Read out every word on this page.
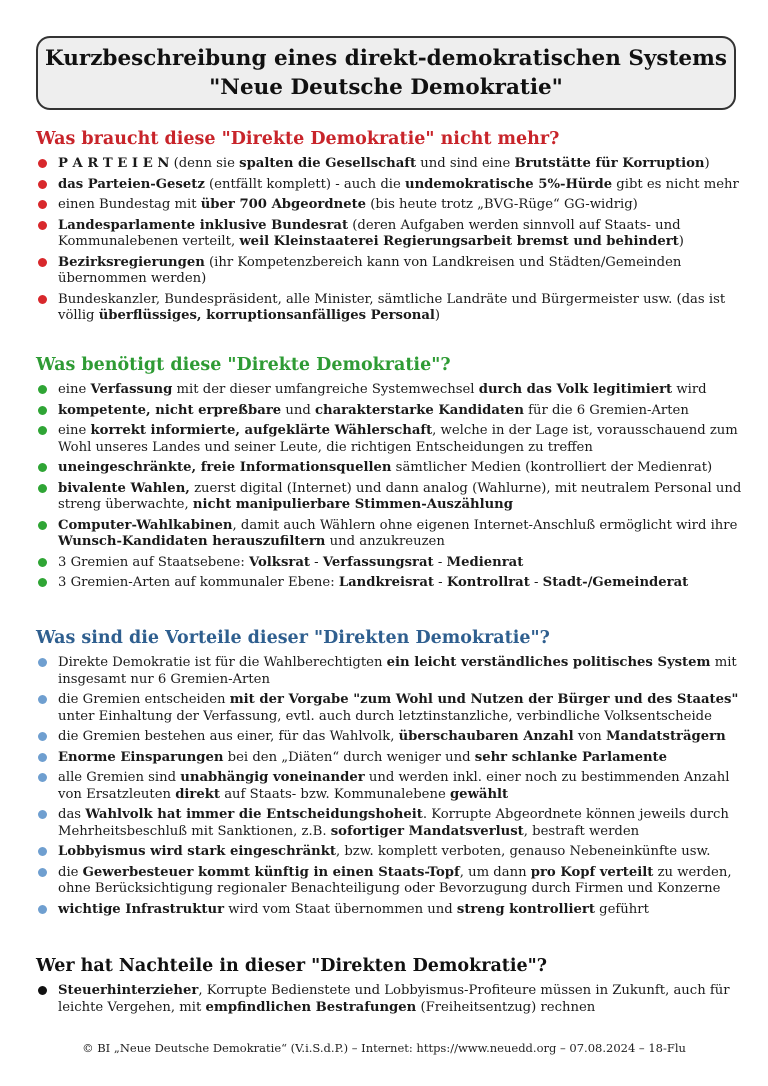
Kurzbeschreibung eines direkt-demokratischen Systems
"Neue Deutsche Demokratie"
Was braucht diese "Direkte Demokratie" nicht mehr?
P A R T E I E N (denn sie spalten die Gesellschaft und sind eine Brutstätte für Korruption)
das Parteien-Gesetz (entfällt komplett) - auch die undemokratische 5%-Hürde gibt es nicht mehr
einen Bundestag mit über 700 Abgeordnete (bis heute trotz „BVG-Rüge“ GG-widrig)
Landesparlamente inklusive Bundesrat (deren Aufgaben werden sinnvoll auf Staats- und Kommunalebenen verteilt, weil Kleinstaaterei Regierungsarbeit bremst und behindert)
Bezirksregierungen (ihr Kompetenzbereich kann von Landkreisen und Städten/Gemeinden übernommen werden)
Bundeskanzler, Bundespräsident, alle Minister, sämtliche Landräte und Bürgermeister usw. (das ist völlig überflüssiges, korruptionsanfälliges Personal)
Was benötigt diese "Direkte Demokratie"?
eine Verfassung mit der dieser umfangreiche Systemwechsel durch das Volk legitimiert wird
kompetente, nicht erpreßbare und charakterstarke Kandidaten für die 6 Gremien-Arten
eine korrekt informierte, aufgeklärte Wählerschaft, welche in der Lage ist, vorausschauend zum Wohl unseres Landes und seiner Leute, die richtigen Entscheidungen zu treffen
uneingeschränkte, freie Informationsquellen sämtlicher Medien (kontrolliert der Medienrat)
bivalente Wahlen, zuerst digital (Internet) und dann analog (Wahlurne), mit neutralem Personal und streng überwachte, nicht manipulierbare Stimmen-Auszählung
Computer-Wahlkabinen, damit auch Wählern ohne eigenen Internet-Anschluß ermöglicht wird ihre Wunsch-Kandidaten herauszufiltern und anzukreuzen
3 Gremien auf Staatsebene: Volksrat - Verfassungsrat - Medienrat
3 Gremien-Arten auf kommunaler Ebene: Landkreisrat - Kontrollrat - Stadt-/Gemeinderat
Was sind die Vorteile dieser "Direkten Demokratie"?
Direkte Demokratie ist für die Wahlberechtigten ein leicht verständliches politisches System mit insgesamt nur 6 Gremien-Arten
die Gremien entscheiden mit der Vorgabe "zum Wohl und Nutzen der Bürger und des Staates" unter Einhaltung der Verfassung, evtl. auch durch letztinstanzliche, verbindliche Volksentscheide
die Gremien bestehen aus einer, für das Wahlvolk, überschaubaren Anzahl von Mandatsträgern
Enorme Einsparungen bei den „Diäten“ durch weniger und sehr schlanke Parlamente
alle Gremien sind unabhängig voneinander und werden inkl. einer noch zu bestimmenden Anzahl von Ersatzleuten direkt auf Staats- bzw. Kommunalebene gewählt
das Wahlvolk hat immer die Entscheidungshoheit. Korrupte Abgeordnete können jeweils durch Mehrheitsbeschluß mit Sanktionen, z.B. sofortiger Mandatsverlust, bestraft werden
Lobbyismus wird stark eingeschränkt, bzw. komplett verboten, genauso Nebeneinkünfte usw.
die Gewerbesteuer kommt künftig in einen Staats-Topf, um dann pro Kopf verteilt zu werden, ohne Berücksichtigung regionaler Benachteiligung oder Bevorzugung durch Firmen und Konzerne
wichtige Infrastruktur wird vom Staat übernommen und streng kontrolliert geführt
Wer hat Nachteile in dieser "Direkten Demokratie"?
Steuerhinterzieher, Korrupte Bedienstete und Lobbyismus-Profiteure müssen in Zukunft, auch für leichte Vergehen, mit empfindlichen Bestrafungen (Freiheitsentzug) rechnen
© BI „Neue Deutsche Demokratie“ (V.i.S.d.P.) – Internet: https://www.neuedd.org – 07.08.2024 – 18-Flu
